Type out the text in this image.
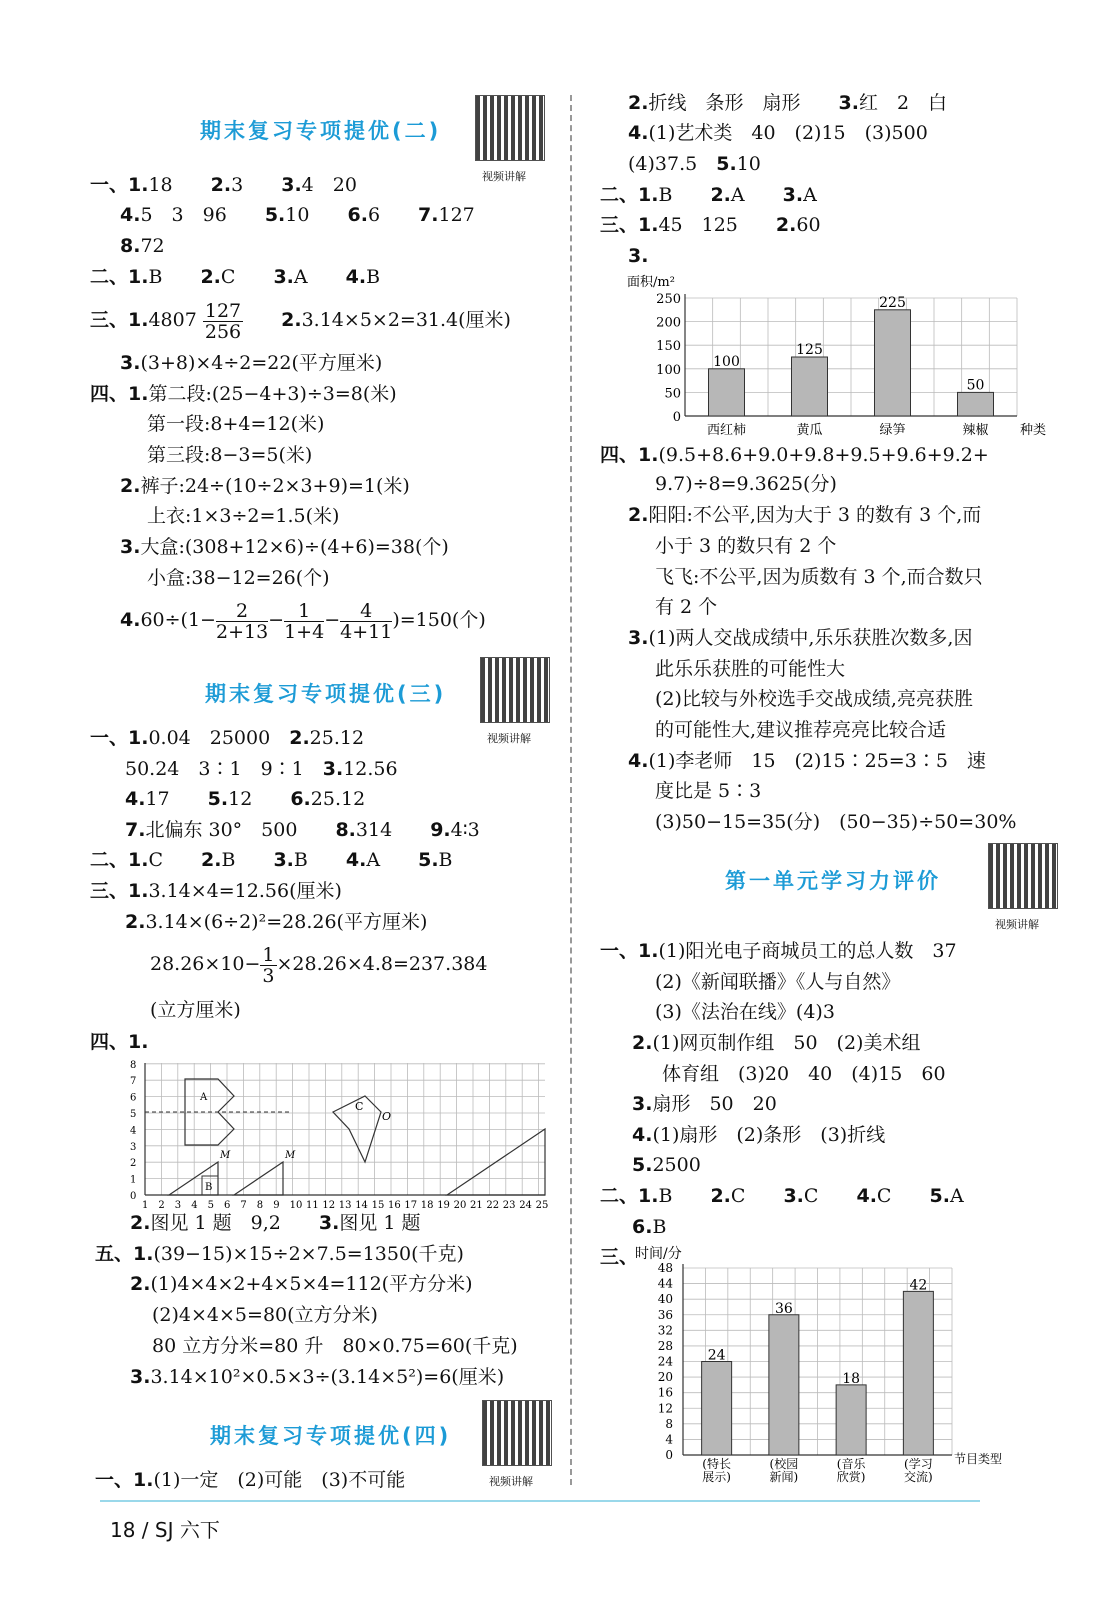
期末复习专项提优(二)
视频讲解
一、1.18　　 2.3　　 3.4　20
4.5　3　96　　 5.10　　 6.6　　 7.127
8.72
二、1.B　　 2.C　　 3.A　　 4.B
三、$1.4807 \frac{127}{256}$
　　 2.3.14×5×2=31.4(厘米)
3.(3+8)×4÷2=22(平方厘米)
四、1.第二段:(25−4+3)÷3=8(米)
第一段:8+4=12(米)
第三段:8−3=5(米)
2.裤子:24÷(10÷2×3+9)=1(米)
上衣:1×3÷2=1.5(米)
3.大盒:(308+12×6)÷(4+6)=38(个)
小盒:38−12=26(个)
$4.60\div(1- \frac{2}{2+13} - \frac{1}{1+4} - \frac{4}{4+11} )=150$(个)
期末复习专项提优(三)
视频讲解
一、1.0.04　25000　 2.25.12
50.24　3∶1　9∶1　 3.12.56
4.17　　 5.12　　 6.25.12
7.北偏东 30°　500　　 8.314　　 9.4∶3
二、1.C　　 2.B　　 3.B　　 4.A　　 5.B
三、1.3.14×4=12.56(厘米)
2.3.14×(6÷2)²=28.26(平方厘米)
$28.26\times 10- \frac{1}{3} \times 28.26\times 4.8=237.384$
(立方厘米)
四、1.
1 2 3 4 5 6 7 8 9 10 11 12 13 14 15 16 17 18 19 20 21 22 23 24 25
0
1
2
3
4
5
6
7
8
A
C
O
B
M	M
2.图见 1 题　9,2　　 3.图见 1 题
五、1.(39−15)×15÷2×7.5=1350(千克)
2.(1)4×4×2+4×5×4=112(平方分米)
(2)4×4×5=80(立方分米)
80 立方分米=80 升　80×0.75=60(千克)
3.3.14×10²×0.5×3÷(3.14×5²)=6(厘米)
期末复习专项提优(四)
视频讲解
一、1.(1)一定　(2)可能　(3)不可能
18 / SJ 六下
2.折线　条形　扇形　　 3.红　2　白
4.(1)艺术类　40　(2)15　(3)500
(4)37.5　 5.10
二、1.B　　 2.A　　 3.A
三、1.45　125　　 2.60
3.
面积/m²
0
50
100
150
200
250
100
西红柿
125
黄瓜
225
绿笋
50
辣椒 种类
四、1.(9.5+8.6+9.0+9.8+9.5+9.6+9.2+
9.7)÷8=9.3625(分)
2.阳阳:不公平,因为大于 3 的数有 3 个,而
小于 3 的数只有 2 个
飞飞:不公平,因为质数有 3 个,而合数只
有 2 个
3.(1)两人交战成绩中,乐乐获胜次数多,因
此乐乐获胜的可能性大
(2)比较与外校选手交战成绩,亮亮获胜
的可能性大,建议推荐亮亮比较合适
4.(1)李老师　15　(2)15∶25=3∶5　速
度比是 5∶3
(3)50−15=35(分)　(50−35)÷50=30%
第一单元学习力评价
视频讲解
一、1.(1)阳光电子商城员工的总人数　37
(2)《新闻联播》《人与自然》
(3)《法治在线》(4)3
2.(1)网页制作组　50　(2)美术组
体育组　(3)20　40　(4)15　60
3.扇形　50　20
4.(1)扇形　(2)条形　(3)折线
5.2500
二、1.B　　 2.C　　 3.C　　 4.C　　 5.A
6.B
三、
时间/分
0
4
8
12
16
20
24
28
32
36
40
44
48
24
(特长
展示)
36
(校园
新闻)
18
(音乐
欣赏)
42
(学习
交流)
节目类型
